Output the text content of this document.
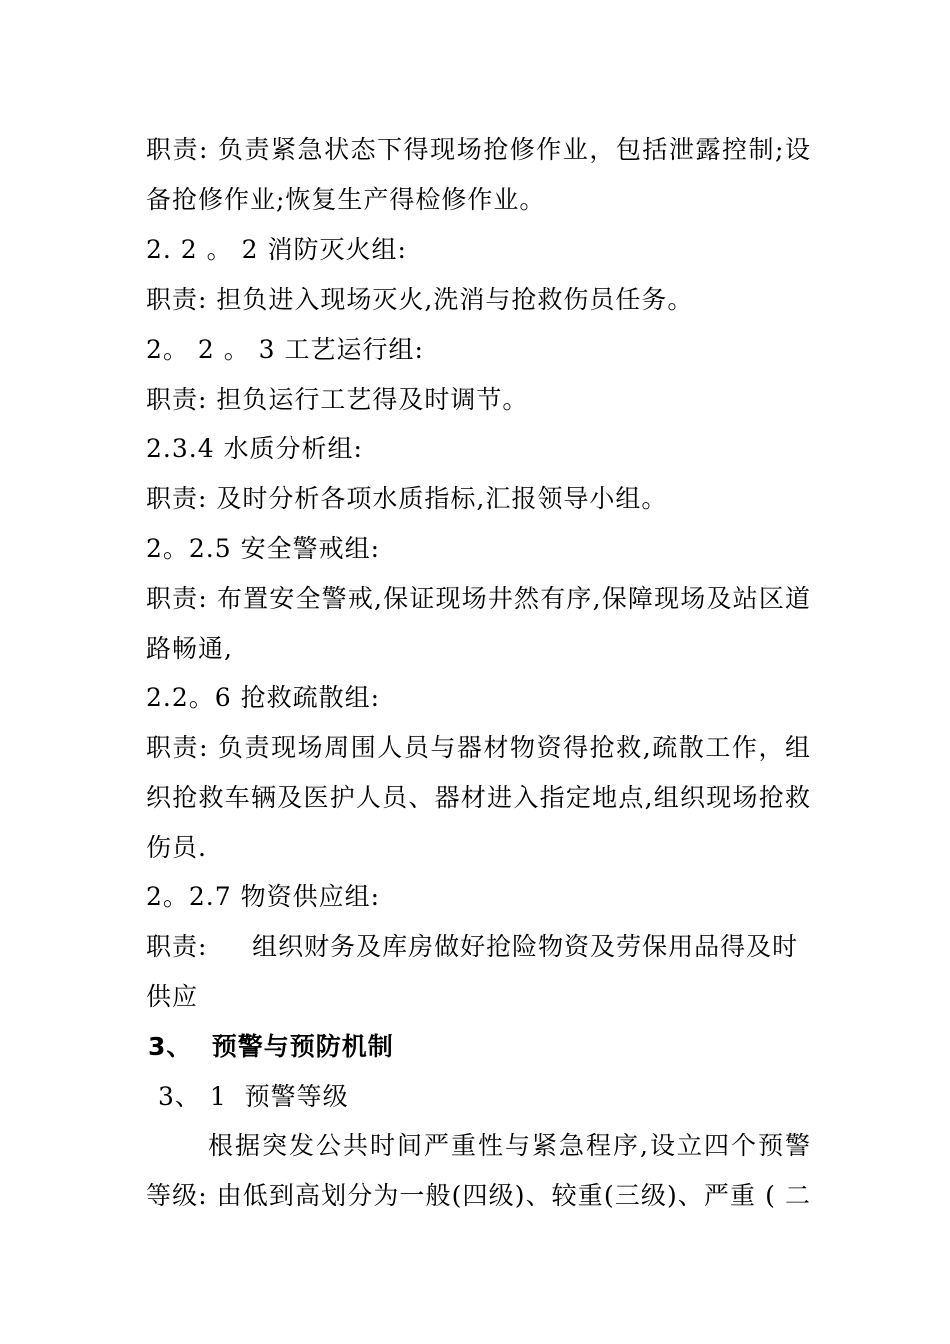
职责: 负责紧急状态下得现场抢修作业，包括泄露控制;设
备抢修作业;恢复生产得检修作业。
2. 2 。 2 消防灭火组:
职责: 担负进入现场灭火,洗消与抢救伤员任务。
2。 2 。 3 工艺运行组:
职责: 担负运行工艺得及时调节。
2.3.4 水质分析组:
职责: 及时分析各项水质指标,汇报领导小组。
2。2.5 安全警戒组:
职责: 布置安全警戒,保证现场井然有序,保障现场及站区道
路畅通,
2.2。6 抢救疏散组:
职责: 负责现场周围人员与器材物资得抢救,疏散工作，组
织抢救车辆及医护人员、器材进入指定地点,组织现场抢救
伤员.
2。2.7 物资供应组:
职责:     组织财务及库房做好抢险物资及劳保用品得及时
供应
3、  预警与预防机制
3、 1  预警等级
根据突发公共时间严重性与紧急程序,设立四个预警
等级: 由低到高划分为一般(四级)、较重(三级)、严重 ( 二
